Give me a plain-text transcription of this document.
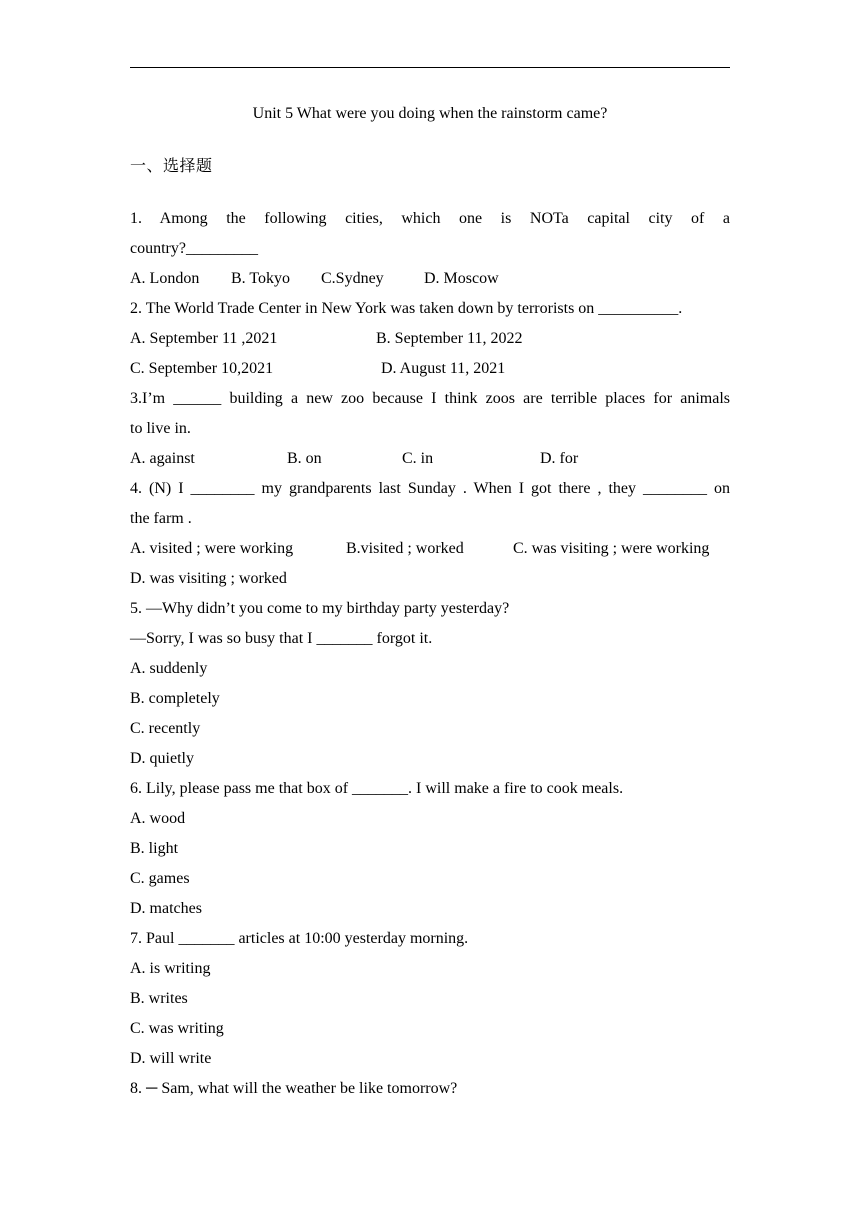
Unit 5 What were you doing when the rainstorm came?
一、选择题
1. Among the following cities, which one is NOTa capital city of a
country?_________
A. London B. Tokyo C.Sydney	D. Moscow
2. The World Trade Center in New York was taken down by terrorists on __________.
A. September 11 ,2021	B. September 11, 2022
C. September 10,2021	D. August 11, 2021
3.I’m ______ building a new zoo because I think zoos are terrible places for animals
to live in.
A. against	B. on	C. in	D. for
4. (N) I ________ my grandparents last Sunday . When I got there , they ________ on
the farm .
A. visited ; were working	B.visited ; worked	C. was visiting ; were working
D. was visiting ; worked
5. —Why didn’t you come to my birthday party yesterday?
—Sorry, I was so busy that I _______ forgot it.
A. suddenly
B. completely
C. recently
D. quietly
6. Lily, please pass me that box of _______. I will make a fire to cook meals.
A. wood
B. light
C. games
D. matches
7. Paul _______ articles at 10:00 yesterday morning.
A. is writing
B. writes
C. was writing
D. will write
8. ─ Sam, what will the weather be like tomorrow?
